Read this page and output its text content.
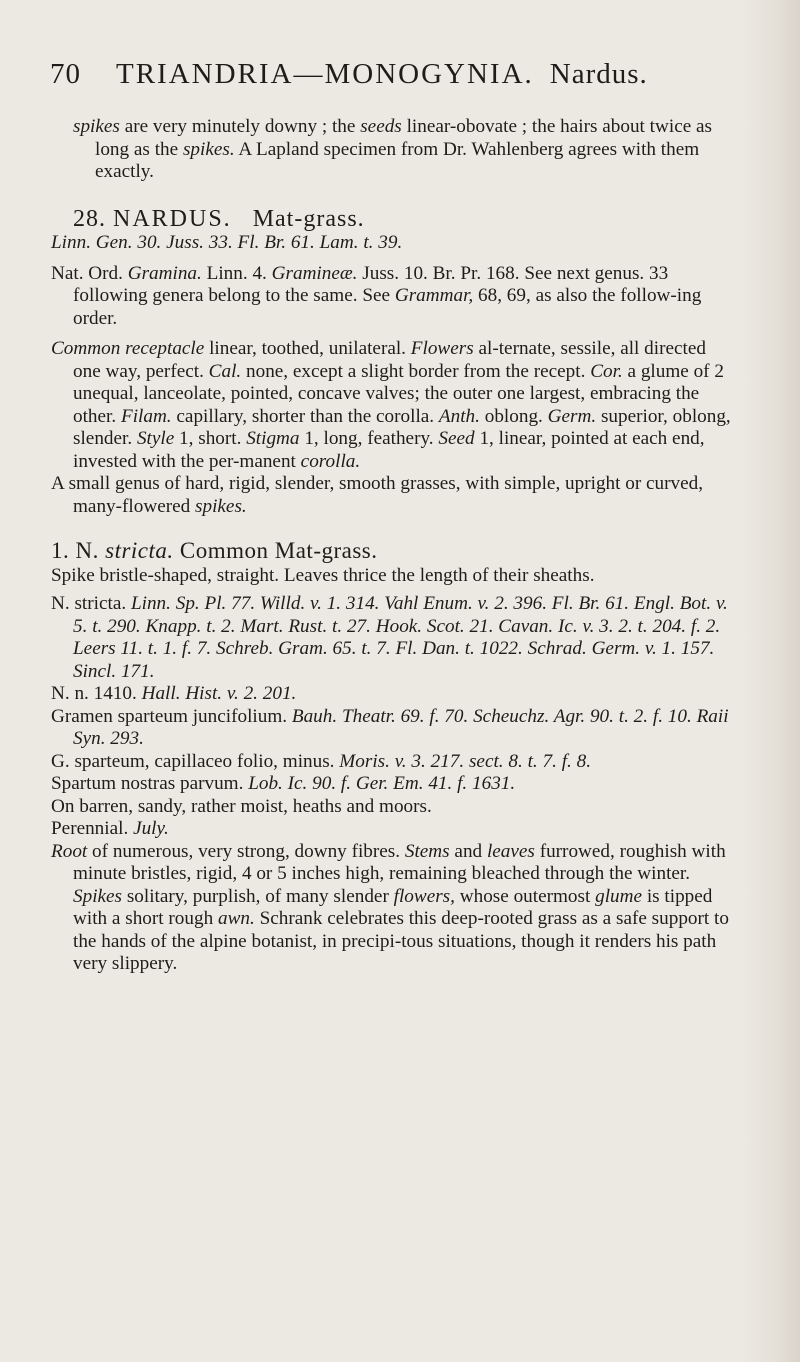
70 TRIANDRIA—MONOGYNIA. Nardus.

spikes are very minutely downy ; the seeds linear-obovate ; the hairs about twice as long as the spikes. A Lapland specimen from Dr. Wahlenberg agrees with them exactly.

28. NARDUS. Mat-grass.

Linn. Gen. 30. Juss. 33. Fl. Br. 61. Lam. t. 39.

Nat. Ord. Gramina. Linn. 4. Gramineæ. Juss. 10. Br. Pr. 168. See next genus. 33 following genera belong to the same. See Grammar, 68, 69, as also the follow-ing order.

Common receptacle linear, toothed, unilateral. Flowers al-ternate, sessile, all directed one way, perfect. Cal. none, except a slight border from the recept. Cor. a glume of 2 unequal, lanceolate, pointed, concave valves; the outer one largest, embracing the other. Filam. capillary, shorter than the corolla. Anth. oblong. Germ. superior, oblong, slender. Style 1, short. Stigma 1, long, feathery. Seed 1, linear, pointed at each end, invested with the per-manent corolla.

A small genus of hard, rigid, slender, smooth grasses, with simple, upright or curved, many-flowered spikes.

1. N. stricta. Common Mat-grass.

Spike bristle-shaped, straight. Leaves thrice the length of their sheaths.

N. stricta. Linn. Sp. Pl. 77. Willd. v. 1. 314. Vahl Enum. v. 2. 396. Fl. Br. 61. Engl. Bot. v. 5. t. 290. Knapp. t. 2. Mart. Rust. t. 27. Hook. Scot. 21. Cavan. Ic. v. 3. 2. t. 204. f. 2. Leers 11. t. 1. f. 7. Schreb. Gram. 65. t. 7. Fl. Dan. t. 1022. Schrad. Germ. v. 1. 157. Sincl. 171.

N. n. 1410. Hall. Hist. v. 2. 201.

Gramen sparteum juncifolium. Bauh. Theatr. 69. f. 70. Scheuchz. Agr. 90. t. 2. f. 10. Raii Syn. 293.

G. sparteum, capillaceo folio, minus. Moris. v. 3. 217. sect. 8. t. 7. f. 8.

Spartum nostras parvum. Lob. Ic. 90. f. Ger. Em. 41. f. 1631.

On barren, sandy, rather moist, heaths and moors.

Perennial. July.

Root of numerous, very strong, downy fibres. Stems and leaves furrowed, roughish with minute bristles, rigid, 4 or 5 inches high, remaining bleached through the winter. Spikes solitary, purplish, of many slender flowers, whose outermost glume is tipped with a short rough awn. Schrank celebrates this deep-rooted grass as a safe support to the hands of the alpine botanist, in precipi-tous situations, though it renders his path very slippery.
